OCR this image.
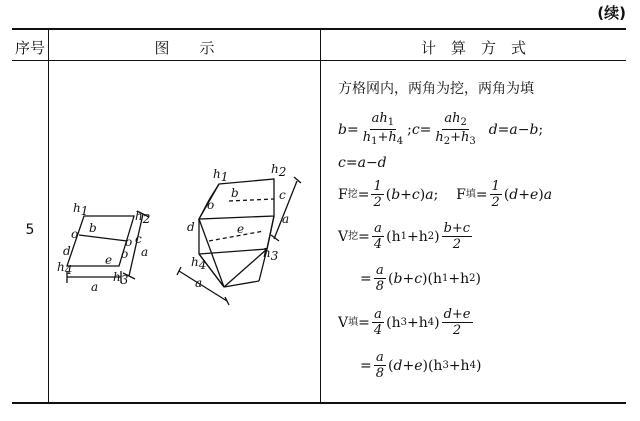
(续)
序号	图　　示	计　算　方　式
5
h1	h2
o b
c
d
o
e o
h4	h3
a
a
h1
h2
o
b	c
d	e
h4
h3
a
a
方格网内，两角为挖，两角为填
$b = \frac{ah_1}{h_1+h_4}$ ; $c = \frac{ah_2}{h_2+h_3}$
d = a − b ;
c = a − d
F 挖 = $\frac{1}{2}$ ( b + c ) a ;    F 填 = $\frac{1}{2}$ ( d + e ) a
V 挖 = $\frac{a}{4} (h$ 1 +h 2 ) $\frac{b+c}{2}$
= $\frac{a}{8}$ ( b + c )(h 1 +h 2 )
V 填 = $\frac{a}{4} (h$ 3 +h 4 ) $\frac{d+e}{2}$
= $\frac{a}{8}$ ( d + e )(h 3 +h 4 )
